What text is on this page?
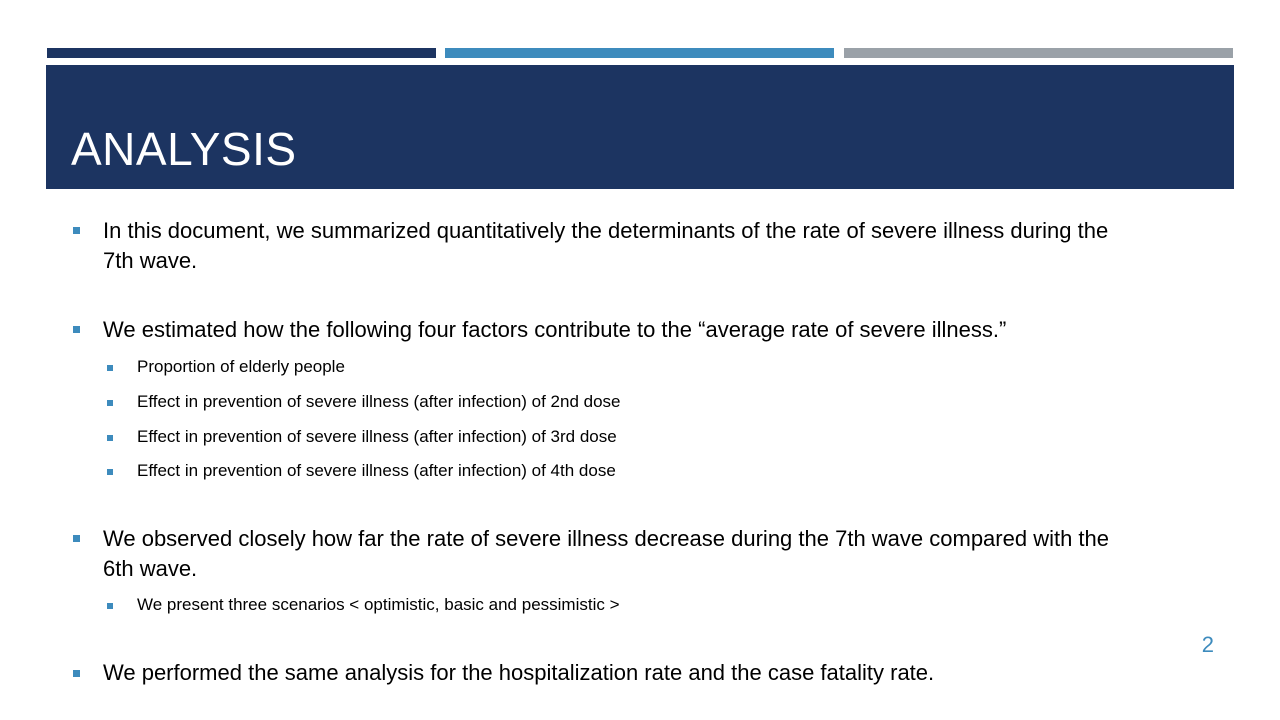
ANALYSIS
In this document, we summarized quantitatively the determinants of the rate of severe illness during the
7th wave.
We estimated how the following four factors contribute to the “average rate of severe illness.”
Proportion of elderly people
Effect in prevention of severe illness (after infection) of 2nd dose
Effect in prevention of severe illness (after infection) of 3rd dose
Effect in prevention of severe illness (after infection) of 4th dose
We observed closely how far the rate of severe illness decrease during the 7th wave compared with the
6th wave.
We present three scenarios < optimistic, basic and pessimistic >
We performed the same analysis for the hospitalization rate and the case fatality rate.
2
